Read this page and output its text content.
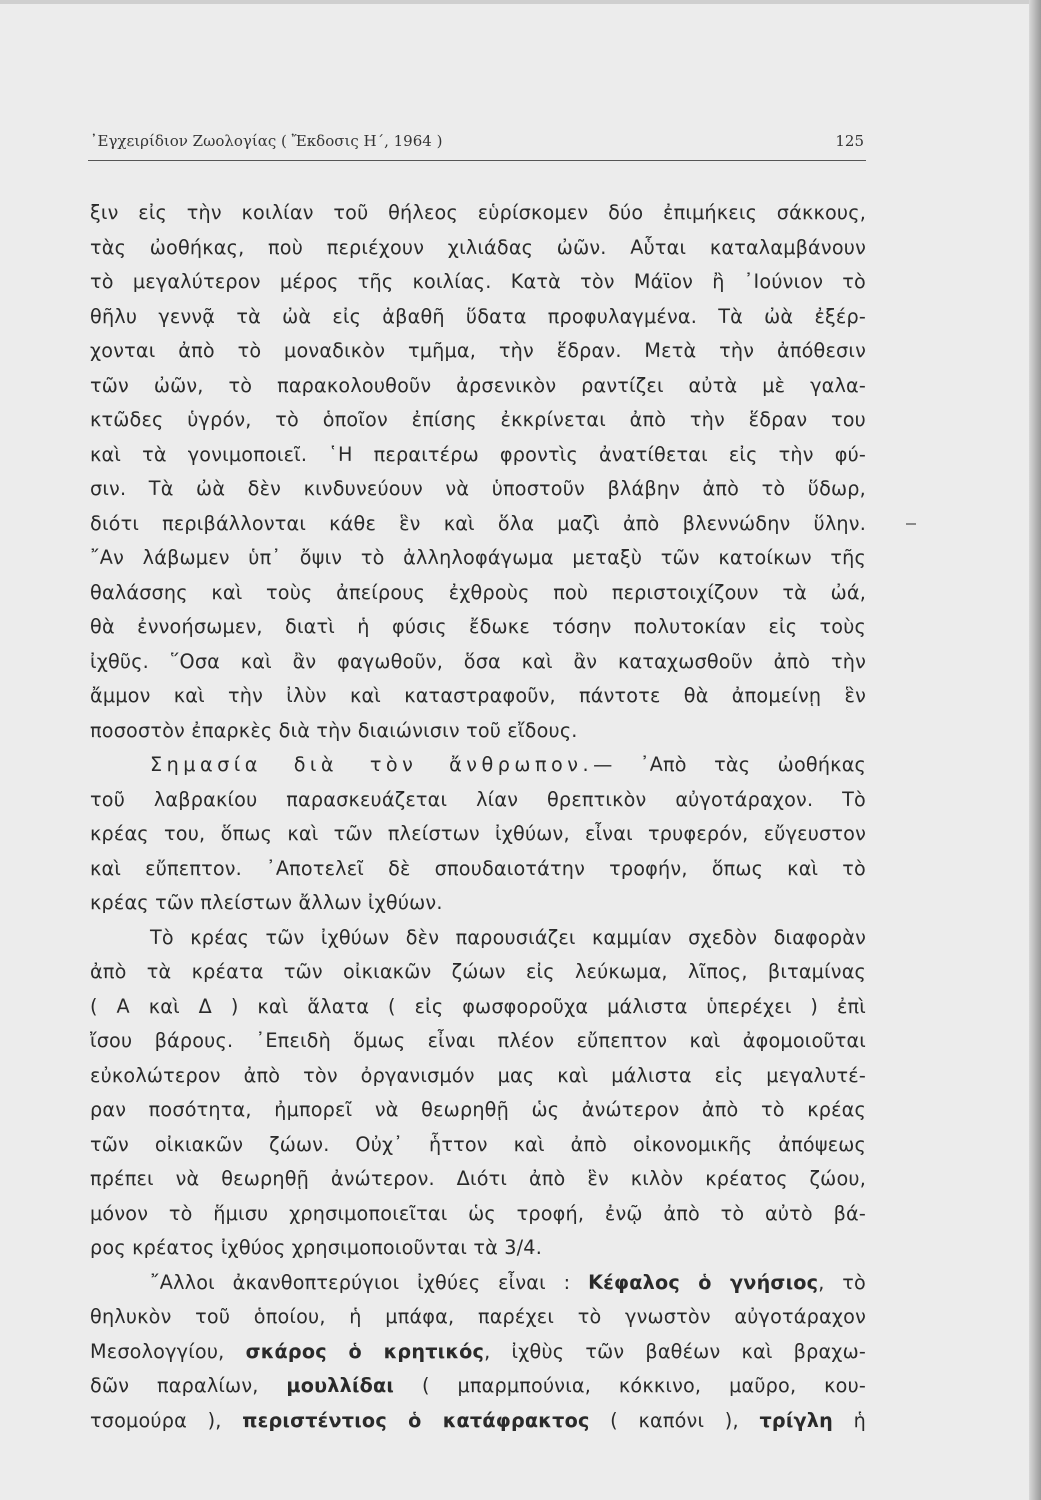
᾿Εγχειρίδιον Ζωολογίας ( Ἔκδοσις Η΄, 1964 )	125
ξιν εἰς τὴν κοιλίαν τοῦ θήλεος εὑρίσκομεν δύο ἐπιμήκεις σάκκους,
τὰς ὠοθήκας, ποὺ περιέχουν χιλιάδας ὠῶν. Αὗται καταλαμβάνουν
τὸ μεγαλύτερον μέρος τῆς κοιλίας. Κατὰ τὸν Μάϊον ἢ ᾿Ιούνιον τὸ
θῆλυ γεννᾷ τὰ ὠὰ εἰς ἀβαθῆ ὕδατα προφυλαγμένα. Τὰ ὠὰ ἐξέρ-
χονται ἀπὸ τὸ μοναδικὸν τμῆμα, τὴν ἕδραν. Μετὰ τὴν ἀπόθεσιν
τῶν ὠῶν, τὸ παρακολουθοῦν ἀρσενικὸν ραντίζει αὐτὰ μὲ γαλα-
κτῶδες ὑγρόν, τὸ ὁποῖον ἐπίσης ἐκκρίνεται ἀπὸ τὴν ἕδραν του
καὶ τὰ γονιμοποιεῖ. ῾Η περαιτέρω φροντὶς ἀνατίθεται εἰς τὴν φύ-
σιν. Τὰ ὠὰ δὲν κινδυνεύουν νὰ ὑποστοῦν βλάβην ἀπὸ τὸ ὕδωρ,
διότι περιβάλλονται κάθε ἓν καὶ ὅλα μαζὶ ἀπὸ βλεννώδην ὕλην.
῎Αν λάβωμεν ὑπ᾿ ὄψιν τὸ ἀλληλοφάγωμα μεταξὺ τῶν κατοίκων τῆς
θαλάσσης καὶ τοὺς ἀπείρους ἐχθροὺς ποὺ περιστοιχίζουν τὰ ὠά,
θὰ ἐννοήσωμεν, διατὶ ἡ φύσις ἔδωκε τόσην πολυτοκίαν εἰς τοὺς
ἰχθῦς. ῞Οσα καὶ ἂν φαγωθοῦν, ὅσα καὶ ἂν καταχωσθοῦν ἀπὸ τὴν
ἄμμον καὶ τὴν ἰλὺν καὶ καταστραφοῦν, πάντοτε θὰ ἀπομείνῃ ἓν
ποσοστὸν ἐπαρκὲς διὰ τὴν διαιώνισιν τοῦ εἴδους.
Σημασία διὰ τὸν ἄνθρωπον.— ᾿Απὸ τὰς ὠοθήκας
τοῦ λαβρακίου παρασκευάζεται λίαν θρεπτικὸν αὐγοτάραχον. Τὸ
κρέας του, ὅπως καὶ τῶν πλείστων ἰχθύων, εἶναι τρυφερόν, εὔγευστον
καὶ εὔπεπτον. ᾿Αποτελεῖ δὲ σπουδαιοτάτην τροφήν, ὅπως καὶ τὸ
κρέας τῶν πλείστων ἄλλων ἰχθύων.
Τὸ κρέας τῶν ἰχθύων δὲν παρουσιάζει καμμίαν σχεδὸν διαφορὰν
ἀπὸ τὰ κρέατα τῶν οἰκιακῶν ζώων εἰς λεύκωμα, λῖπος, βιταμίνας
( Α καὶ Δ ) καὶ ἅλατα ( εἰς φωσφοροῦχα μάλιστα ὑπερέχει ) ἐπὶ
ἴσου βάρους. ᾿Επειδὴ ὅμως εἶναι πλέον εὔπεπτον καὶ ἀφομοιοῦται
εὐκολώτερον ἀπὸ τὸν ὀργανισμόν μας καὶ μάλιστα εἰς μεγαλυτέ-
ραν ποσότητα, ἠμπορεῖ νὰ θεωρηθῇ ὡς ἀνώτερον ἀπὸ τὸ κρέας
τῶν οἰκιακῶν ζώων. Οὐχ᾿ ἧττον καὶ ἀπὸ οἰκονομικῆς ἀπόψεως
πρέπει νὰ θεωρηθῇ ἀνώτερον. Διότι ἀπὸ ἓν κιλὸν κρέατος ζώου,
μόνον τὸ ἥμισυ χρησιμοποιεῖται ὡς τροφή, ἐνῷ ἀπὸ τὸ αὐτὸ βά-
ρος κρέατος ἰχθύος χρησιμοποιοῦνται τὰ 3/4.
῎Αλλοι ἀκανθοπτερύγιοι ἰχθύες εἶναι : Κέφαλος ὁ γνήσιος, τὸ
θηλυκὸν τοῦ ὁποίου, ἡ μπάφα, παρέχει τὸ γνωστὸν αὐγοτάραχον
Μεσολογγίου, σκάρος ὁ κρητικός, ἰχθὺς τῶν βαθέων καὶ βραχω-
δῶν παραλίων, μουλλίδαι ( μπαρμπούνια, κόκκινο, μαῦρο, κου-
τσομούρα ), περιστέντιος ὁ κατάφρακτος ( καπόνι ), τρίγλη ἡ
